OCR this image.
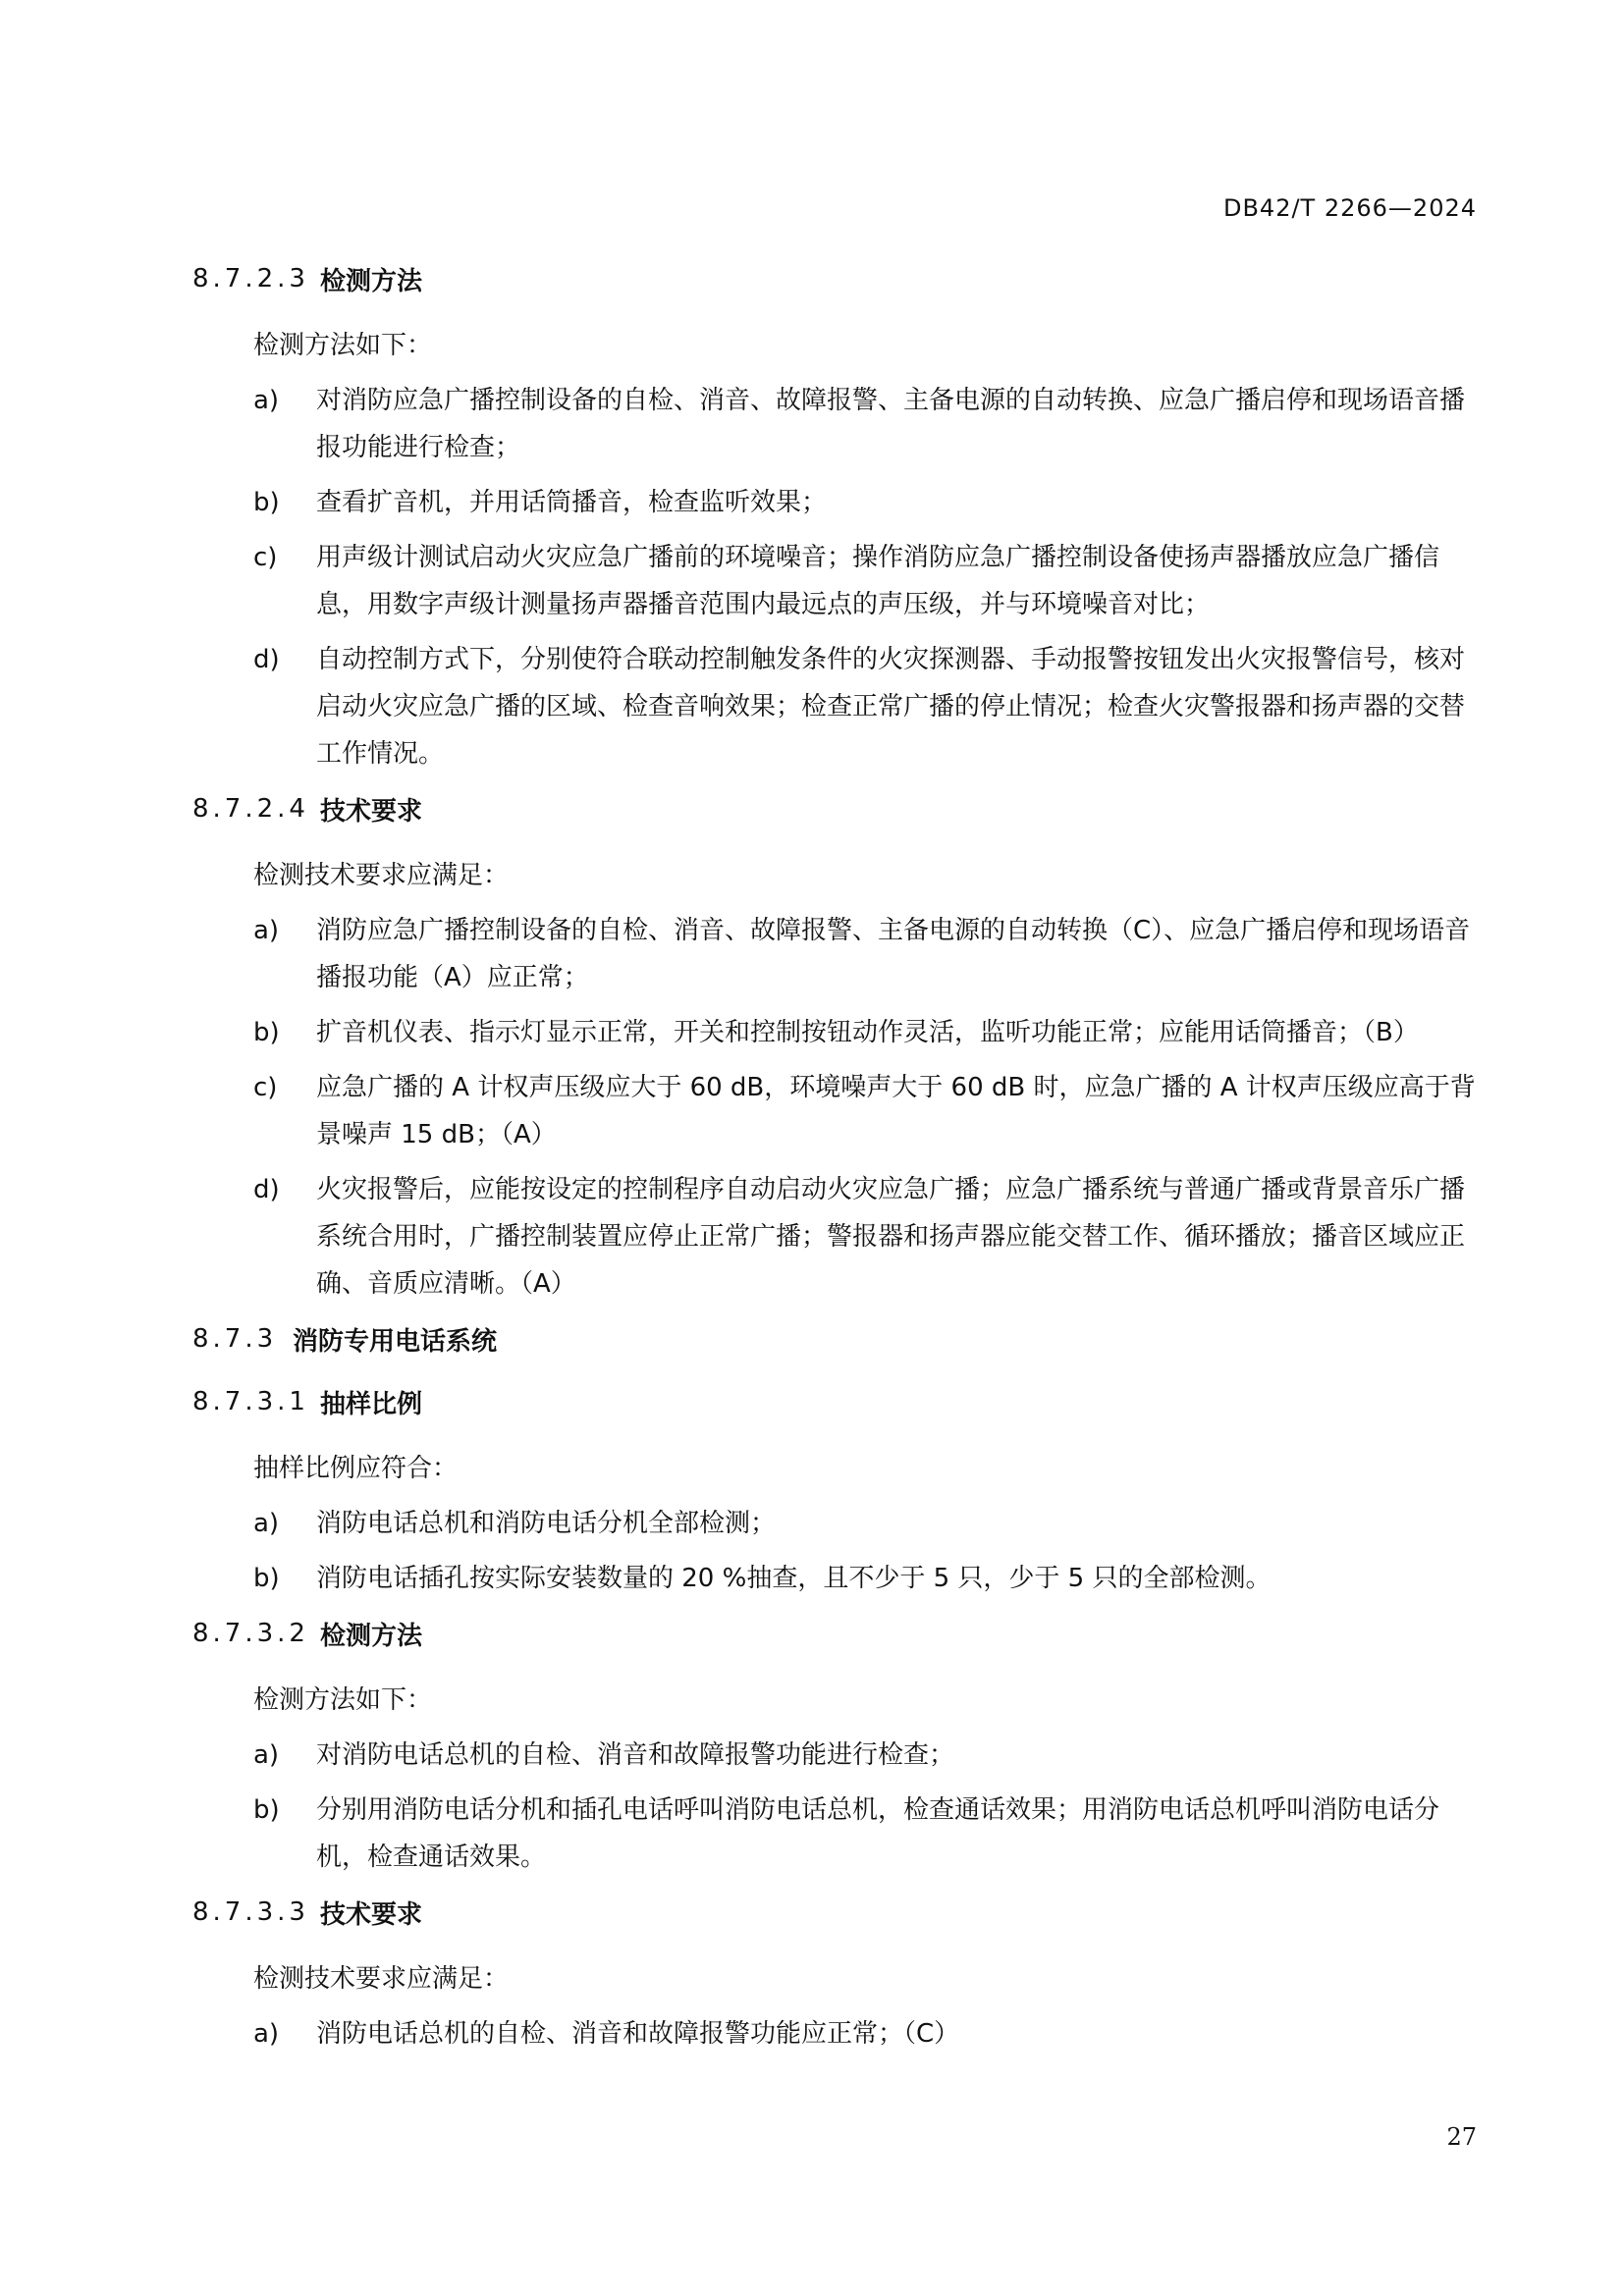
DB42/T 2266—2024
8.7.2.3 检测方法
检测方法如下：
a) 对消防应急广播控制设备的自检、消音、故障报警、主备电源的自动转换、应急广播启停和现场语音播报功能进行检查；
b) 查看扩音机，并用话筒播音，检查监听效果；
c) 用声级计测试启动火灾应急广播前的环境噪音；操作消防应急广播控制设备使扬声器播放应急广播信息，用数字声级计测量扬声器播音范围内最远点的声压级，并与环境噪音对比；
d) 自动控制方式下，分别使符合联动控制触发条件的火灾探测器、手动报警按钮发出火灾报警信号，核对启动火灾应急广播的区域、检查音响效果；检查正常广播的停止情况；检查火灾警报器和扬声器的交替工作情况。
8.7.2.4 技术要求
检测技术要求应满足：
a) 消防应急广播控制设备的自检、消音、故障报警、主备电源的自动转换（C）、应急广播启停和现场语音播报功能（A）应正常；
b) 扩音机仪表、指示灯显示正常，开关和控制按钮动作灵活，监听功能正常；应能用话筒播音；（B）
c) 应急广播的 A 计权声压级应大于 60 dB，环境噪声大于 60 dB 时，应急广播的 A 计权声压级应高于背景噪声 15 dB；（A）
d) 火灾报警后，应能按设定的控制程序自动启动火灾应急广播；应急广播系统与普通广播或背景音乐广播系统合用时，广播控制装置应停止正常广播；警报器和扬声器应能交替工作、循环播放；播音区域应正确、音质应清晰。（A）
8.7.3 消防专用电话系统
8.7.3.1 抽样比例
抽样比例应符合：
a) 消防电话总机和消防电话分机全部检测；
b) 消防电话插孔按实际安装数量的 20 %抽查，且不少于 5 只，少于 5 只的全部检测。
8.7.3.2 检测方法
检测方法如下：
a) 对消防电话总机的自检、消音和故障报警功能进行检查；
b) 分别用消防电话分机和插孔电话呼叫消防电话总机，检查通话效果；用消防电话总机呼叫消防电话分机，检查通话效果。
8.7.3.3 技术要求
检测技术要求应满足：
a) 消防电话总机的自检、消音和故障报警功能应正常；（C）
27
